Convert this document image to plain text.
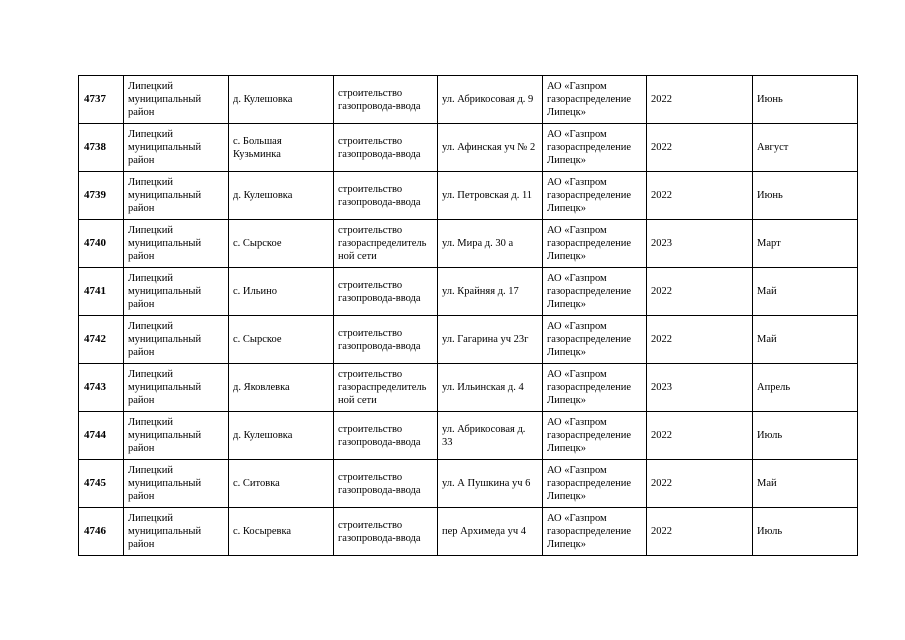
4737	Липецкий муниципальный район	д. Кулешовка	строительство газопровода-ввода	ул. Абрикосовая д. 9	АО «Газпром газораспределение Липецк»	2022	Июнь
4738	Липецкий муниципальный район	с. Большая Кузьминка	строительство газопровода-ввода	ул. Афинская уч № 2	АО «Газпром газораспределение Липецк»	2022	Август
4739	Липецкий муниципальный район	д. Кулешовка	строительство газопровода-ввода	ул. Петровская д. 11	АО «Газпром газораспределение Липецк»	2022	Июнь
4740	Липецкий муниципальный район	с. Сырское	строительство газораспределитель ной сети	ул. Мира д. 30 а	АО «Газпром газораспределение Липецк»	2023	Март
4741	Липецкий муниципальный район	с. Ильино	строительство газопровода-ввода	ул. Крайняя д. 17	АО «Газпром газораспределение Липецк»	2022	Май
4742	Липецкий муниципальный район	с. Сырское	строительство газопровода-ввода	ул. Гагарина уч 23г	АО «Газпром газораспределение Липецк»	2022	Май
4743	Липецкий муниципальный район	д. Яковлевка	строительство газораспределитель ной сети	ул. Ильинская д. 4	АО «Газпром газораспределение Липецк»	2023	Апрель
4744	Липецкий муниципальный район	д. Кулешовка	строительство газопровода-ввода	ул. Абрикосовая д. 33	АО «Газпром газораспределение Липецк»	2022	Июль
4745	Липецкий муниципальный район	с. Ситовка	строительство газопровода-ввода	ул. А Пушкина уч 6	АО «Газпром газораспределение Липецк»	2022	Май
4746	Липецкий муниципальный район	с. Косыревка	строительство газопровода-ввода	пер Архимеда уч 4	АО «Газпром газораспределение Липецк»	2022	Июль
